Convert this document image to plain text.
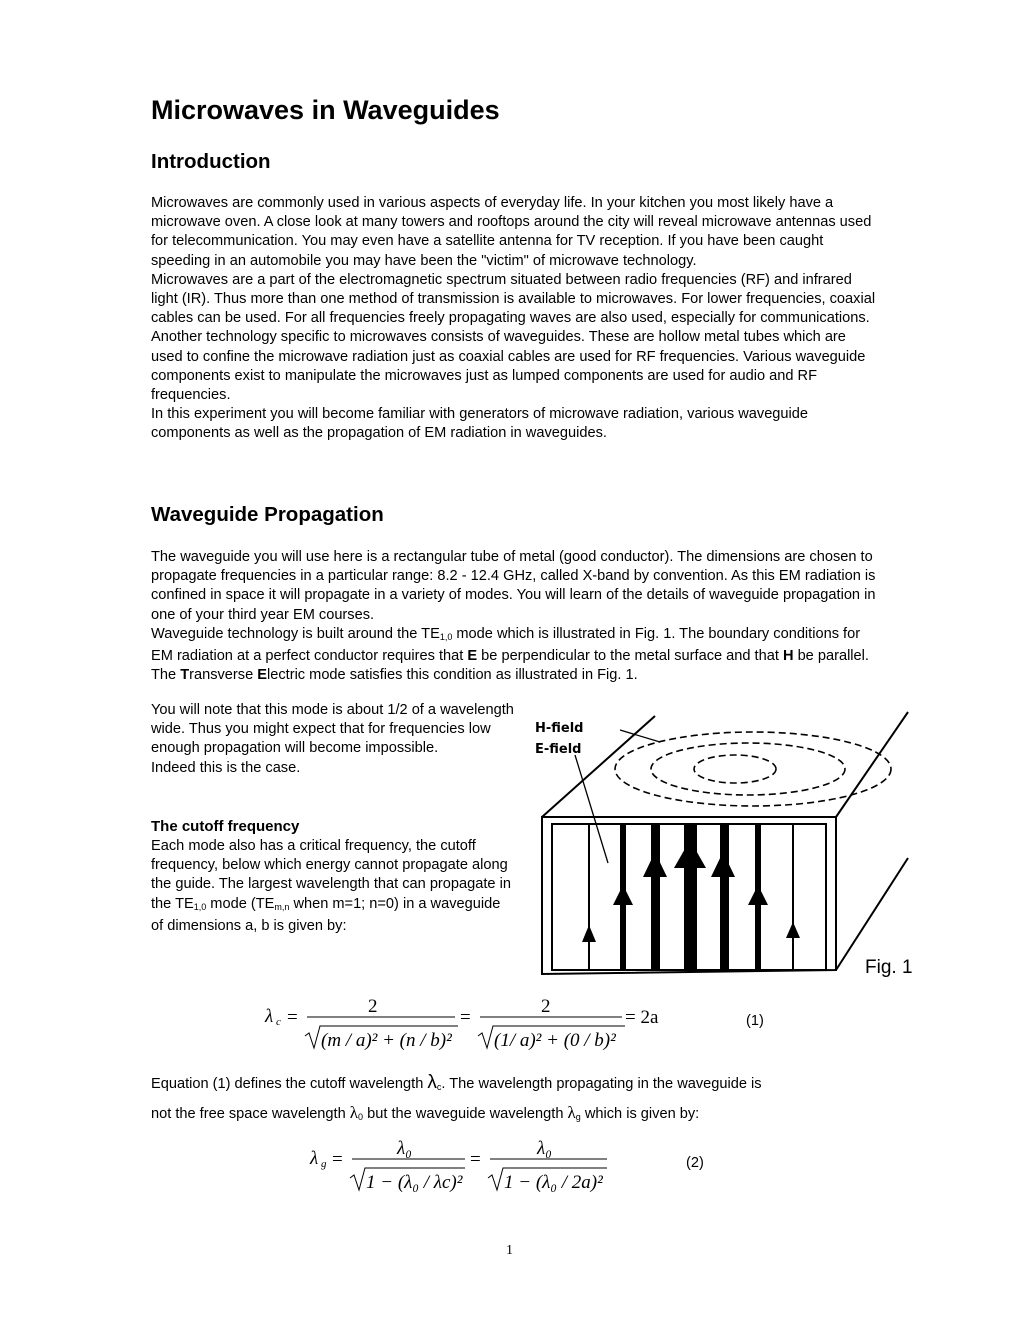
Microwaves in Waveguides
Introduction
Microwaves are commonly used in various aspects of everyday life. In your kitchen you most likely have a microwave oven. A close look at many towers and rooftops around the city will reveal microwave antennas used for telecommunication. You may even have a satellite antenna for TV reception. If you have been caught speeding in an automobile you may have been the "victim" of microwave technology.
Microwaves are a part of the electromagnetic spectrum situated between radio frequencies (RF) and infrared light (IR). Thus more than one method of transmission is available to microwaves. For lower frequencies, coaxial cables can be used. For all frequencies freely propagating waves are also used, especially for communications. Another technology specific to microwaves consists of waveguides. These are hollow metal tubes which are used to confine the microwave radiation just as coaxial cables are used for RF frequencies. Various waveguide components exist to manipulate the microwaves just as lumped components are used for audio and RF frequencies.
In this experiment you will become familiar with generators of microwave radiation, various waveguide components as well as the propagation of EM radiation in waveguides.
Waveguide Propagation
The waveguide you will use here is a rectangular tube of metal (good conductor). The dimensions are chosen to propagate frequencies in a particular range: 8.2 - 12.4 GHz, called X-band by convention. As this EM radiation is confined in space it will propagate in a variety of modes. You will learn of the details of waveguide propagation in one of your third year EM courses.
Waveguide technology is built around the $TE_{1,0}$ mode which is illustrated in Fig. 1. The boundary conditions for EM radiation at a perfect conductor requires that E be perpendicular to the metal surface and that H be parallel. The Transverse Electric mode satisfies this condition as illustrated in Fig. 1.
You will note that this mode is about 1/2 of a wavelength wide. Thus you might expect that for frequencies low enough propagation will become impossible.
Indeed this is the case.
The cutoff frequency
Each mode also has a critical frequency, the cutoff frequency, below which energy cannot propagate along the guide. The largest wavelength that can propagate in the $TE_{1,0}$ mode ($TE_{m,n}$ when m=1; n=0) in a waveguide of dimensions a, b is given by:
H-field
E-field
Fig. 1
λ c =
2
(m / a)² + (n / b)²
=
2
(1/ a)² + (0 / b)²
= 2a	(1)
Equation (1) defines the cutoff wavelength $\lambda_c$. The wavelength propagating in the waveguide is
not the free space wavelength $\lambda_0$ but the waveguide wavelength $\lambda_g$ which is given by:
λ g =
λ₀
1 − (λ₀ / λc)²
=
λ₀
1 − (λ₀ / 2a)²
(2)
1
